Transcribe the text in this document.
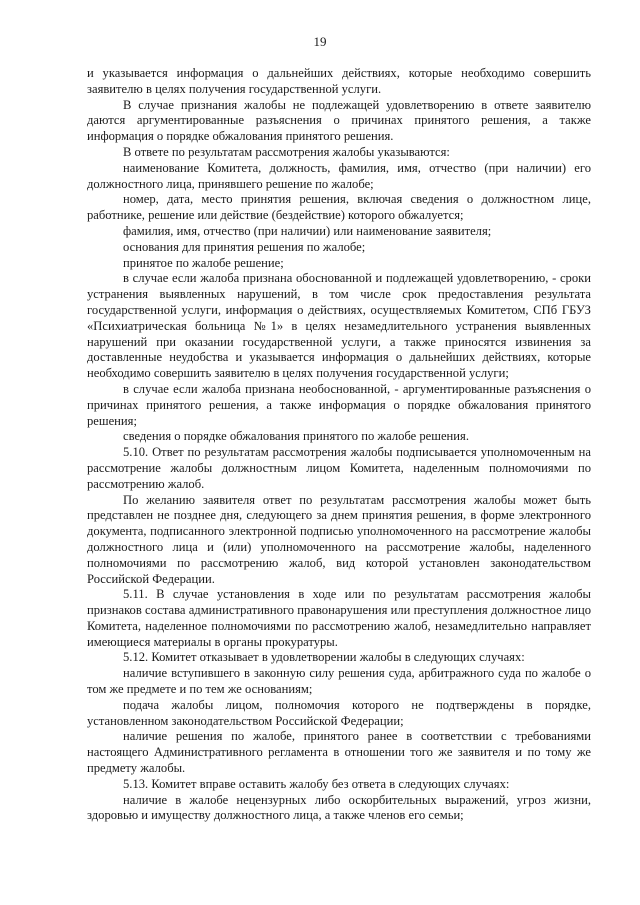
19

и указывается информация о дальнейших действиях, которые необходимо совершить заявителю в целях получения государственной услуги.

В случае признания жалобы не подлежащей удовлетворению в ответе заявителю даются аргументированные разъяснения о причинах принятого решения, а также информация о порядке обжалования принятого решения.

В ответе по результатам рассмотрения жалобы указываются:

наименование Комитета, должность, фамилия, имя, отчество (при наличии) его должностного лица, принявшего решение по жалобе;

номер, дата, место принятия решения, включая сведения о должностном лице, работнике, решение или действие (бездействие) которого обжалуется;

фамилия, имя, отчество (при наличии) или наименование заявителя;

основания для принятия решения по жалобе;

принятое по жалобе решение;

в случае если жалоба признана обоснованной и подлежащей удовлетворению, - сроки устранения выявленных нарушений, в том числе срок предоставления результата государственной услуги, информация о действиях, осуществляемых Комитетом, СПб ГБУЗ «Психиатрическая больница №1» в целях незамедлительного устранения выявленных нарушений при оказании государственной услуги, а также приносятся извинения за доставленные неудобства и указывается информация о дальнейших действиях, которые необходимо совершить заявителю в целях получения государственной услуги;

в случае если жалоба признана необоснованной, - аргументированные разъяснения о причинах принятого решения, а также информация о порядке обжалования принятого решения;

сведения о порядке обжалования принятого по жалобе решения.

5.10. Ответ по результатам рассмотрения жалобы подписывается уполномоченным на рассмотрение жалобы должностным лицом Комитета, наделенным полномочиями по рассмотрению жалоб.

По желанию заявителя ответ по результатам рассмотрения жалобы может быть представлен не позднее дня, следующего за днем принятия решения, в форме электронного документа, подписанного электронной подписью уполномоченного на рассмотрение жалобы должностного лица и (или) уполномоченного на рассмотрение жалобы, наделенного полномочиями по рассмотрению жалоб, вид которой установлен законодательством Российской Федерации.

5.11. В случае установления в ходе или по результатам рассмотрения жалобы признаков состава административного правонарушения или преступления должностное лицо Комитета, наделенное полномочиями по рассмотрению жалоб, незамедлительно направляет имеющиеся материалы в органы прокуратуры.

5.12. Комитет отказывает в удовлетворении жалобы в следующих случаях:

наличие вступившего в законную силу решения суда, арбитражного суда по жалобе о том же предмете и по тем же основаниям;

подача жалобы лицом, полномочия которого не подтверждены в порядке, установленном законодательством Российской Федерации;

наличие решения по жалобе, принятого ранее в соответствии с требованиями настоящего Административного регламента в отношении того же заявителя и по тому же предмету жалобы.

5.13. Комитет вправе оставить жалобу без ответа в следующих случаях:

наличие в жалобе нецензурных либо оскорбительных выражений, угроз жизни, здоровью и имуществу должностного лица, а также членов его семьи;
